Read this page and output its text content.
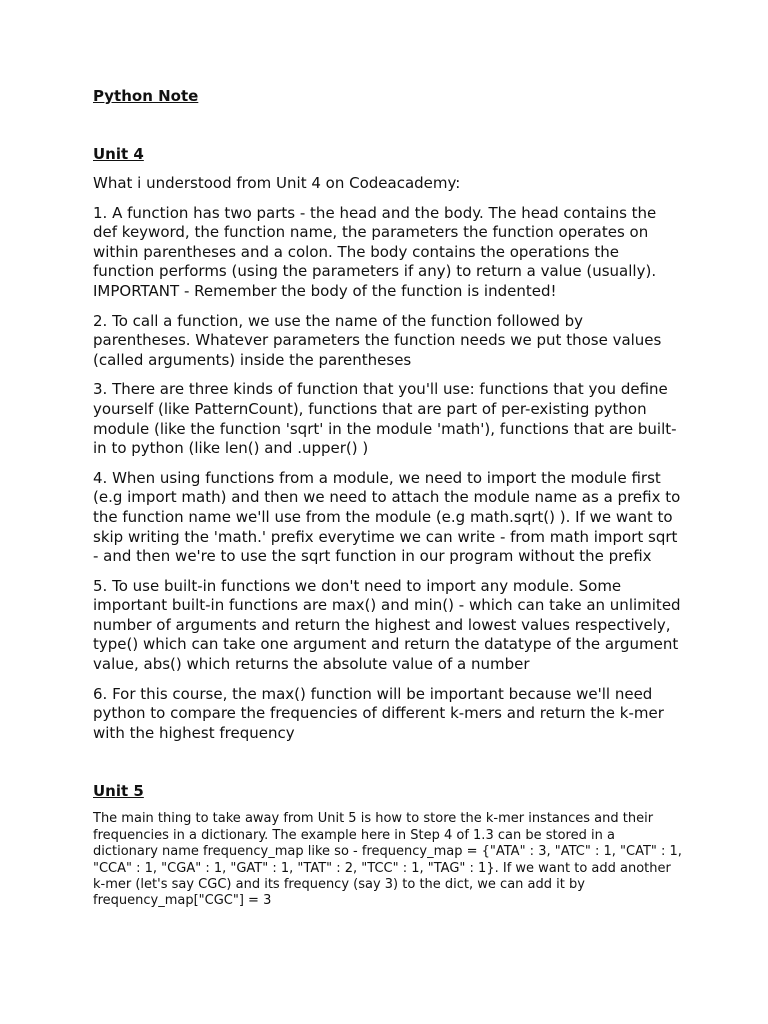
Python Note
Unit 4

What i understood from Unit 4 on Codeacademy:

1. A function has two parts - the head and the body. The head contains the def keyword, the function name, the parameters the function operates on within parentheses and a colon. The body contains the operations the function performs (using the parameters if any) to return a value (usually). IMPORTANT - Remember the body of the function is indented!

2. To call a function, we use the name of the function followed by parentheses. Whatever parameters the function needs we put those values (called arguments) inside the parentheses

3. There are three kinds of function that you'll use: functions that you define yourself (like PatternCount), functions that are part of per-existing python module (like the function 'sqrt' in the module 'math'), functions that are built-in to python (like len() and .upper() )

4. When using functions from a module, we need to import the module first (e.g import math) and then we need to attach the module name as a prefix to the function name we'll use from the module (e.g math.sqrt() ). If we want to skip writing the 'math.' prefix everytime we can write - from math import sqrt - and then we're to use the sqrt function in our program without the prefix

5. To use built-in functions we don't need to import any module. Some important built-in functions are max() and min() - which can take an unlimited number of arguments and return the highest and lowest values respectively, type() which can take one argument and return the datatype of the argument value, abs() which returns the absolute value of a number

6. For this course, the max() function will be important because we'll need python to compare the frequencies of different k-mers and return the k-mer with the highest frequency

Unit 5

The main thing to take away from Unit 5 is how to store the k-mer instances and their frequencies in a dictionary. The example here in Step 4 of 1.3 can be stored in a dictionary name frequency_map like so - frequency_map = {"ATA" : 3, "ATC" : 1, "CAT" : 1, "CCA" : 1, "CGA" : 1, "GAT" : 1, "TAT" : 2, "TCC" : 1, "TAG" : 1}. If we want to add another k-mer (let's say CGC) and its frequency (say 3) to the dict, we can add it by frequency_map["CGC"] = 3
